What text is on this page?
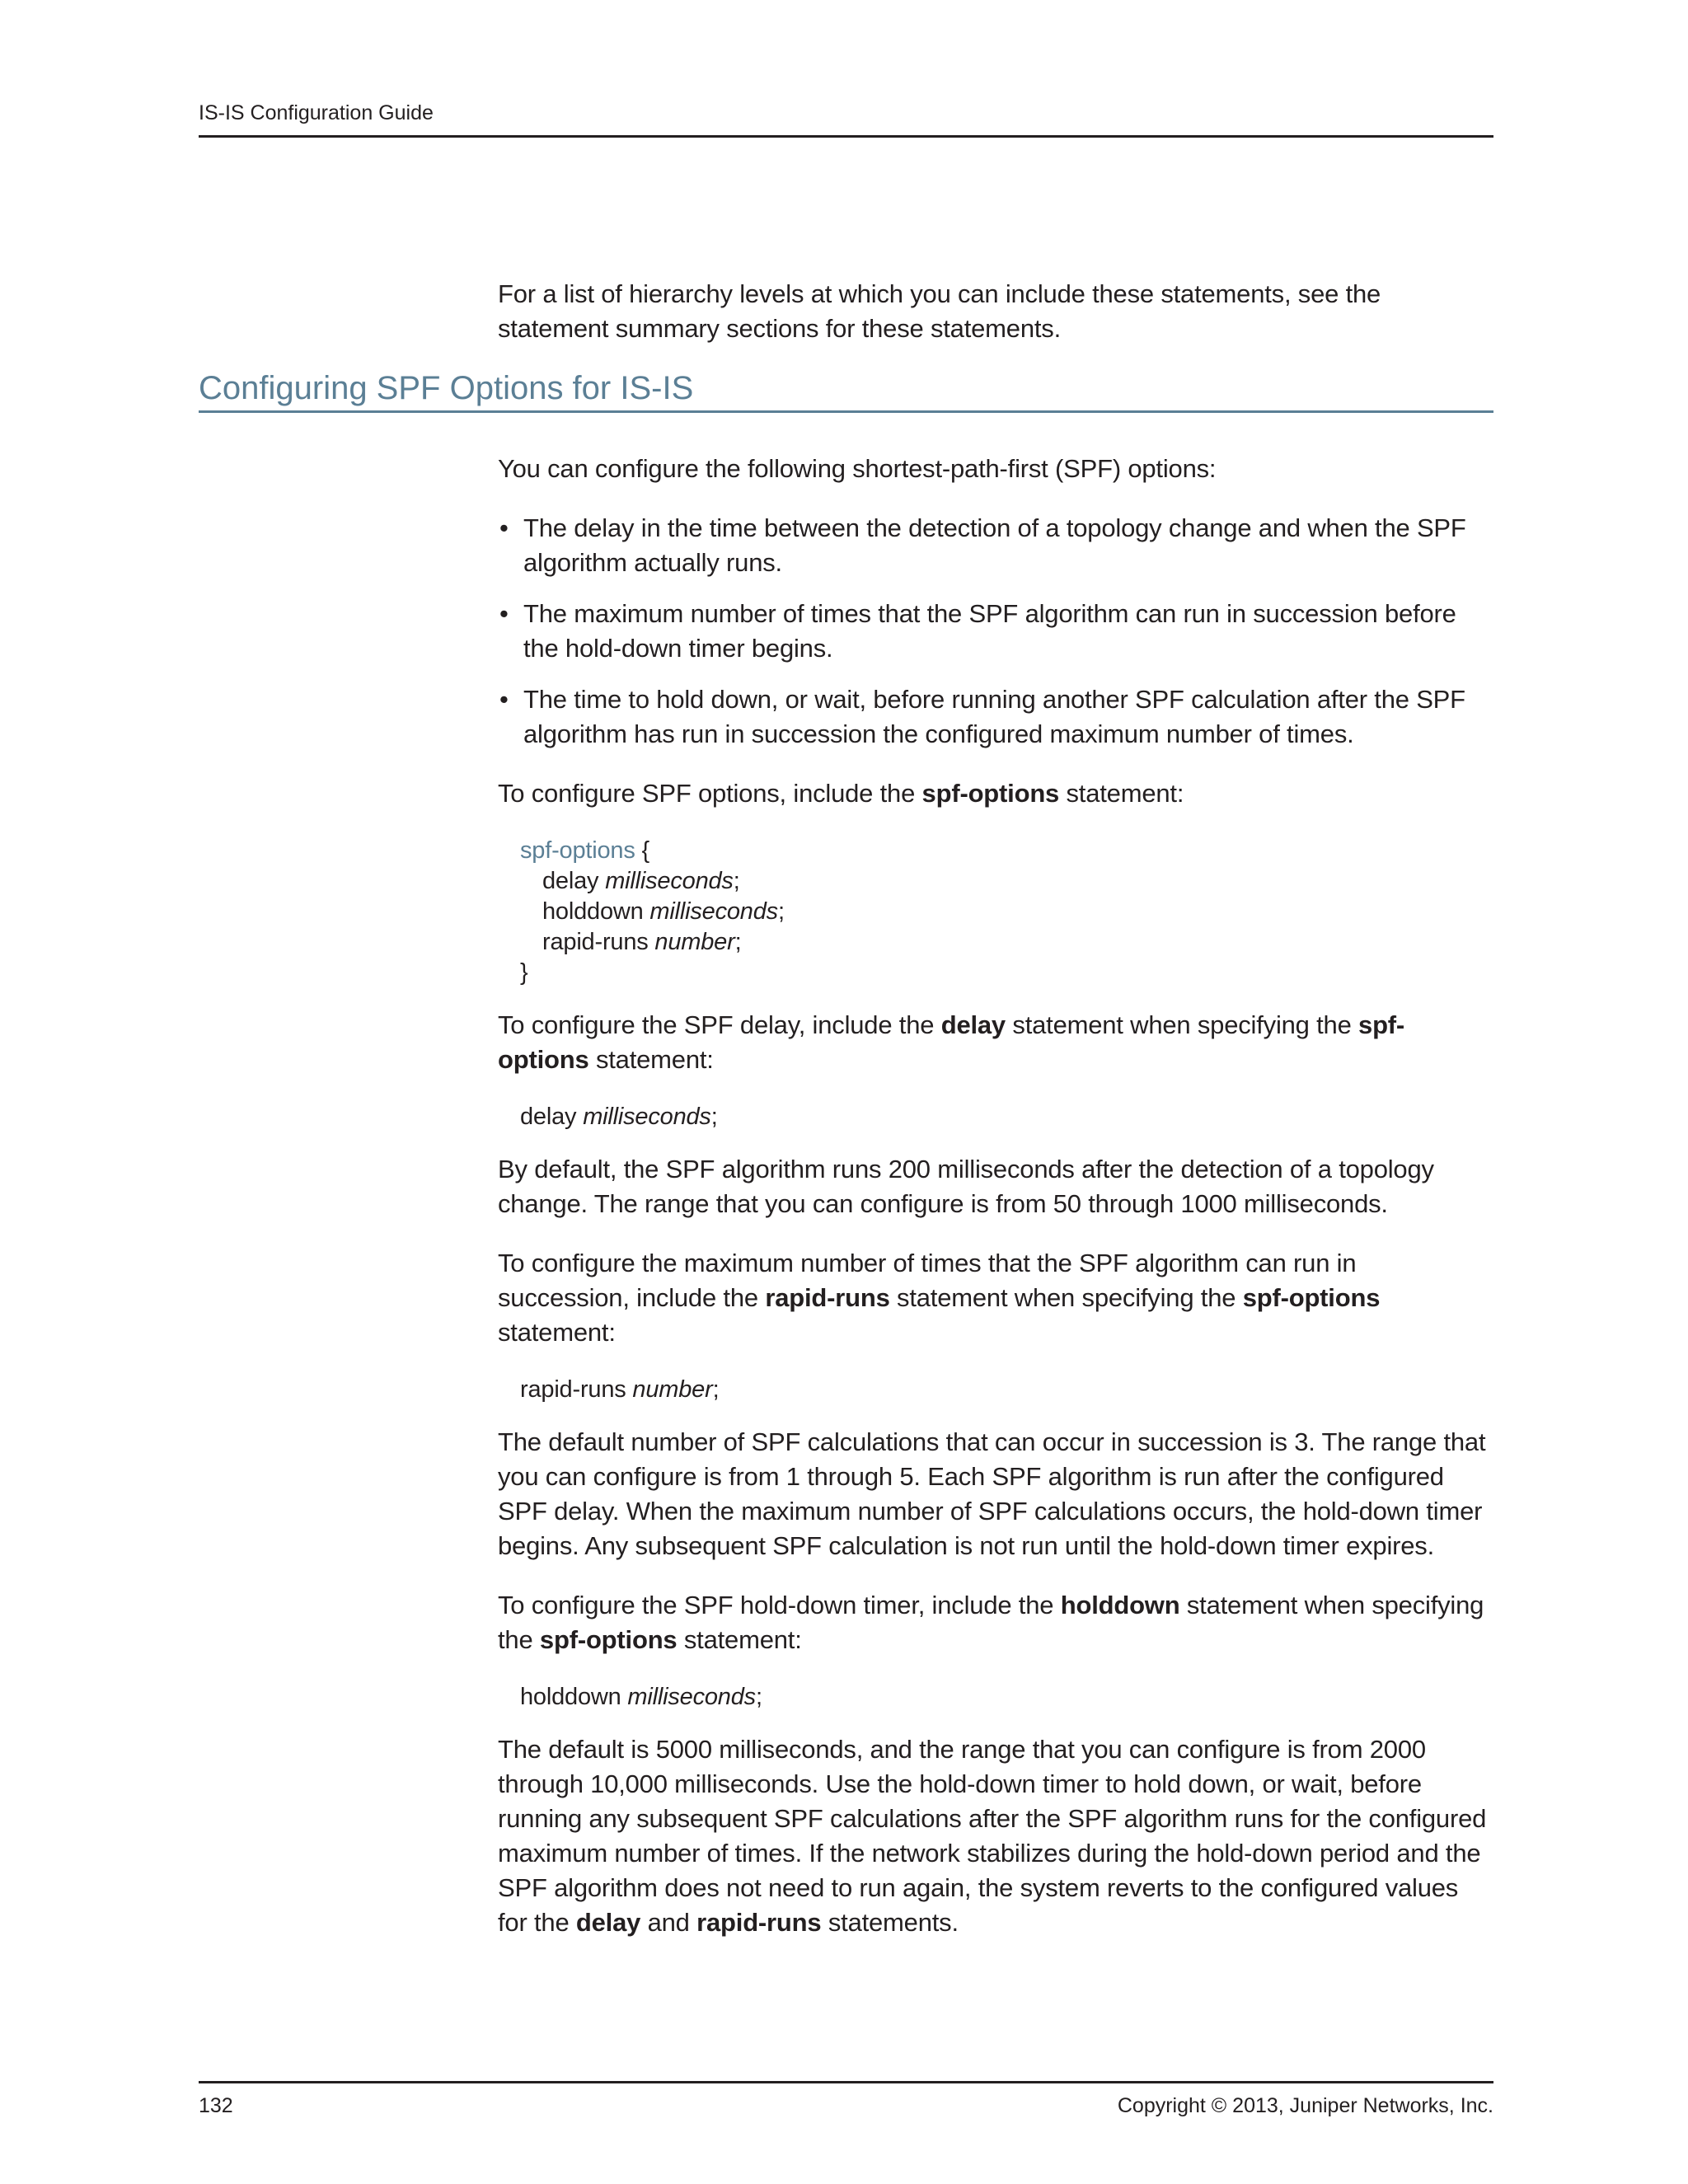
IS-IS Configuration Guide
Configuring SPF Options for IS-IS

For a list of hierarchy levels at which you can include these statements, see the statement summary sections for these statements.

You can configure the following shortest-path-first (SPF) options:

• The delay in the time between the detection of a topology change and when the SPF algorithm actually runs.
• The maximum number of times that the SPF algorithm can run in succession before the hold-down timer begins.
• The time to hold down, or wait, before running another SPF calculation after the SPF algorithm has run in succession the configured maximum number of times.

To configure SPF options, include the spf-options statement:

spf-options {
delay milliseconds;
holddown milliseconds;
rapid-runs number;
}

To configure the SPF delay, include the delay statement when specifying the spf-options statement:

delay milliseconds;

By default, the SPF algorithm runs 200 milliseconds after the detection of a topology change. The range that you can configure is from 50 through 1000 milliseconds.

To configure the maximum number of times that the SPF algorithm can run in succession, include the rapid-runs statement when specifying the spf-options statement:

rapid-runs number;

The default number of SPF calculations that can occur in succession is 3. The range that you can configure is from 1 through 5. Each SPF algorithm is run after the configured SPF delay. When the maximum number of SPF calculations occurs, the hold-down timer begins. Any subsequent SPF calculation is not run until the hold-down timer expires.

To configure the SPF hold-down timer, include the holddown statement when specifying the spf-options statement:

holddown milliseconds;

The default is 5000 milliseconds, and the range that you can configure is from 2000 through 10,000 milliseconds. Use the hold-down timer to hold down, or wait, before running any subsequent SPF calculations after the SPF algorithm runs for the configured maximum number of times. If the network stabilizes during the hold-down period and the SPF algorithm does not need to run again, the system reverts to the configured values for the delay and rapid-runs statements.

132	Copyright © 2013, Juniper Networks, Inc.
